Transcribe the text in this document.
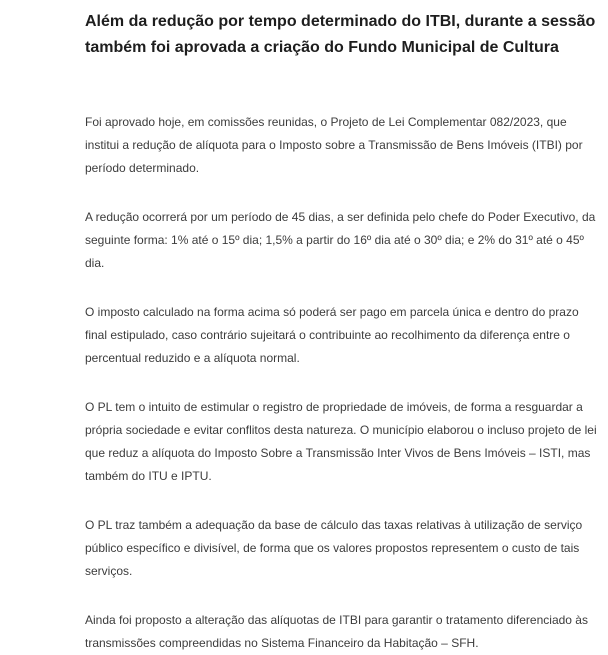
Além da redução por tempo determinado do ITBI, durante a sessão também foi aprovada a criação do Fundo Municipal de Cultura

Foi aprovado hoje, em comissões reunidas, o Projeto de Lei Complementar 082/2023, que institui a redução de alíquota para o Imposto sobre a Transmissão de Bens Imóveis (ITBI) por período determinado.

A redução ocorrerá por um período de 45 dias, a ser definida pelo chefe do Poder Executivo, da seguinte forma: 1% até o 15º dia; 1,5% a partir do 16º dia até o 30º dia; e 2% do 31º até o 45º dia.

O imposto calculado na forma acima só poderá ser pago em parcela única e dentro do prazo final estipulado, caso contrário sujeitará o contribuinte ao recolhimento da diferença entre o percentual reduzido e a alíquota normal.

O PL tem o intuito de estimular o registro de propriedade de imóveis, de forma a resguardar a própria sociedade e evitar conflitos desta natureza. O município elaborou o incluso projeto de lei que reduz a alíquota do Imposto Sobre a Transmissão Inter Vivos de Bens Imóveis – ISTI, mas também do ITU e IPTU.

O PL traz também a adequação da base de cálculo das taxas relativas à utilização de serviço público específico e divisível, de forma que os valores propostos representem o custo de tais serviços.

Ainda foi proposto a alteração das alíquotas de ITBI para garantir o tratamento diferenciado às transmissões compreendidas no Sistema Financeiro da Habitação – SFH.
